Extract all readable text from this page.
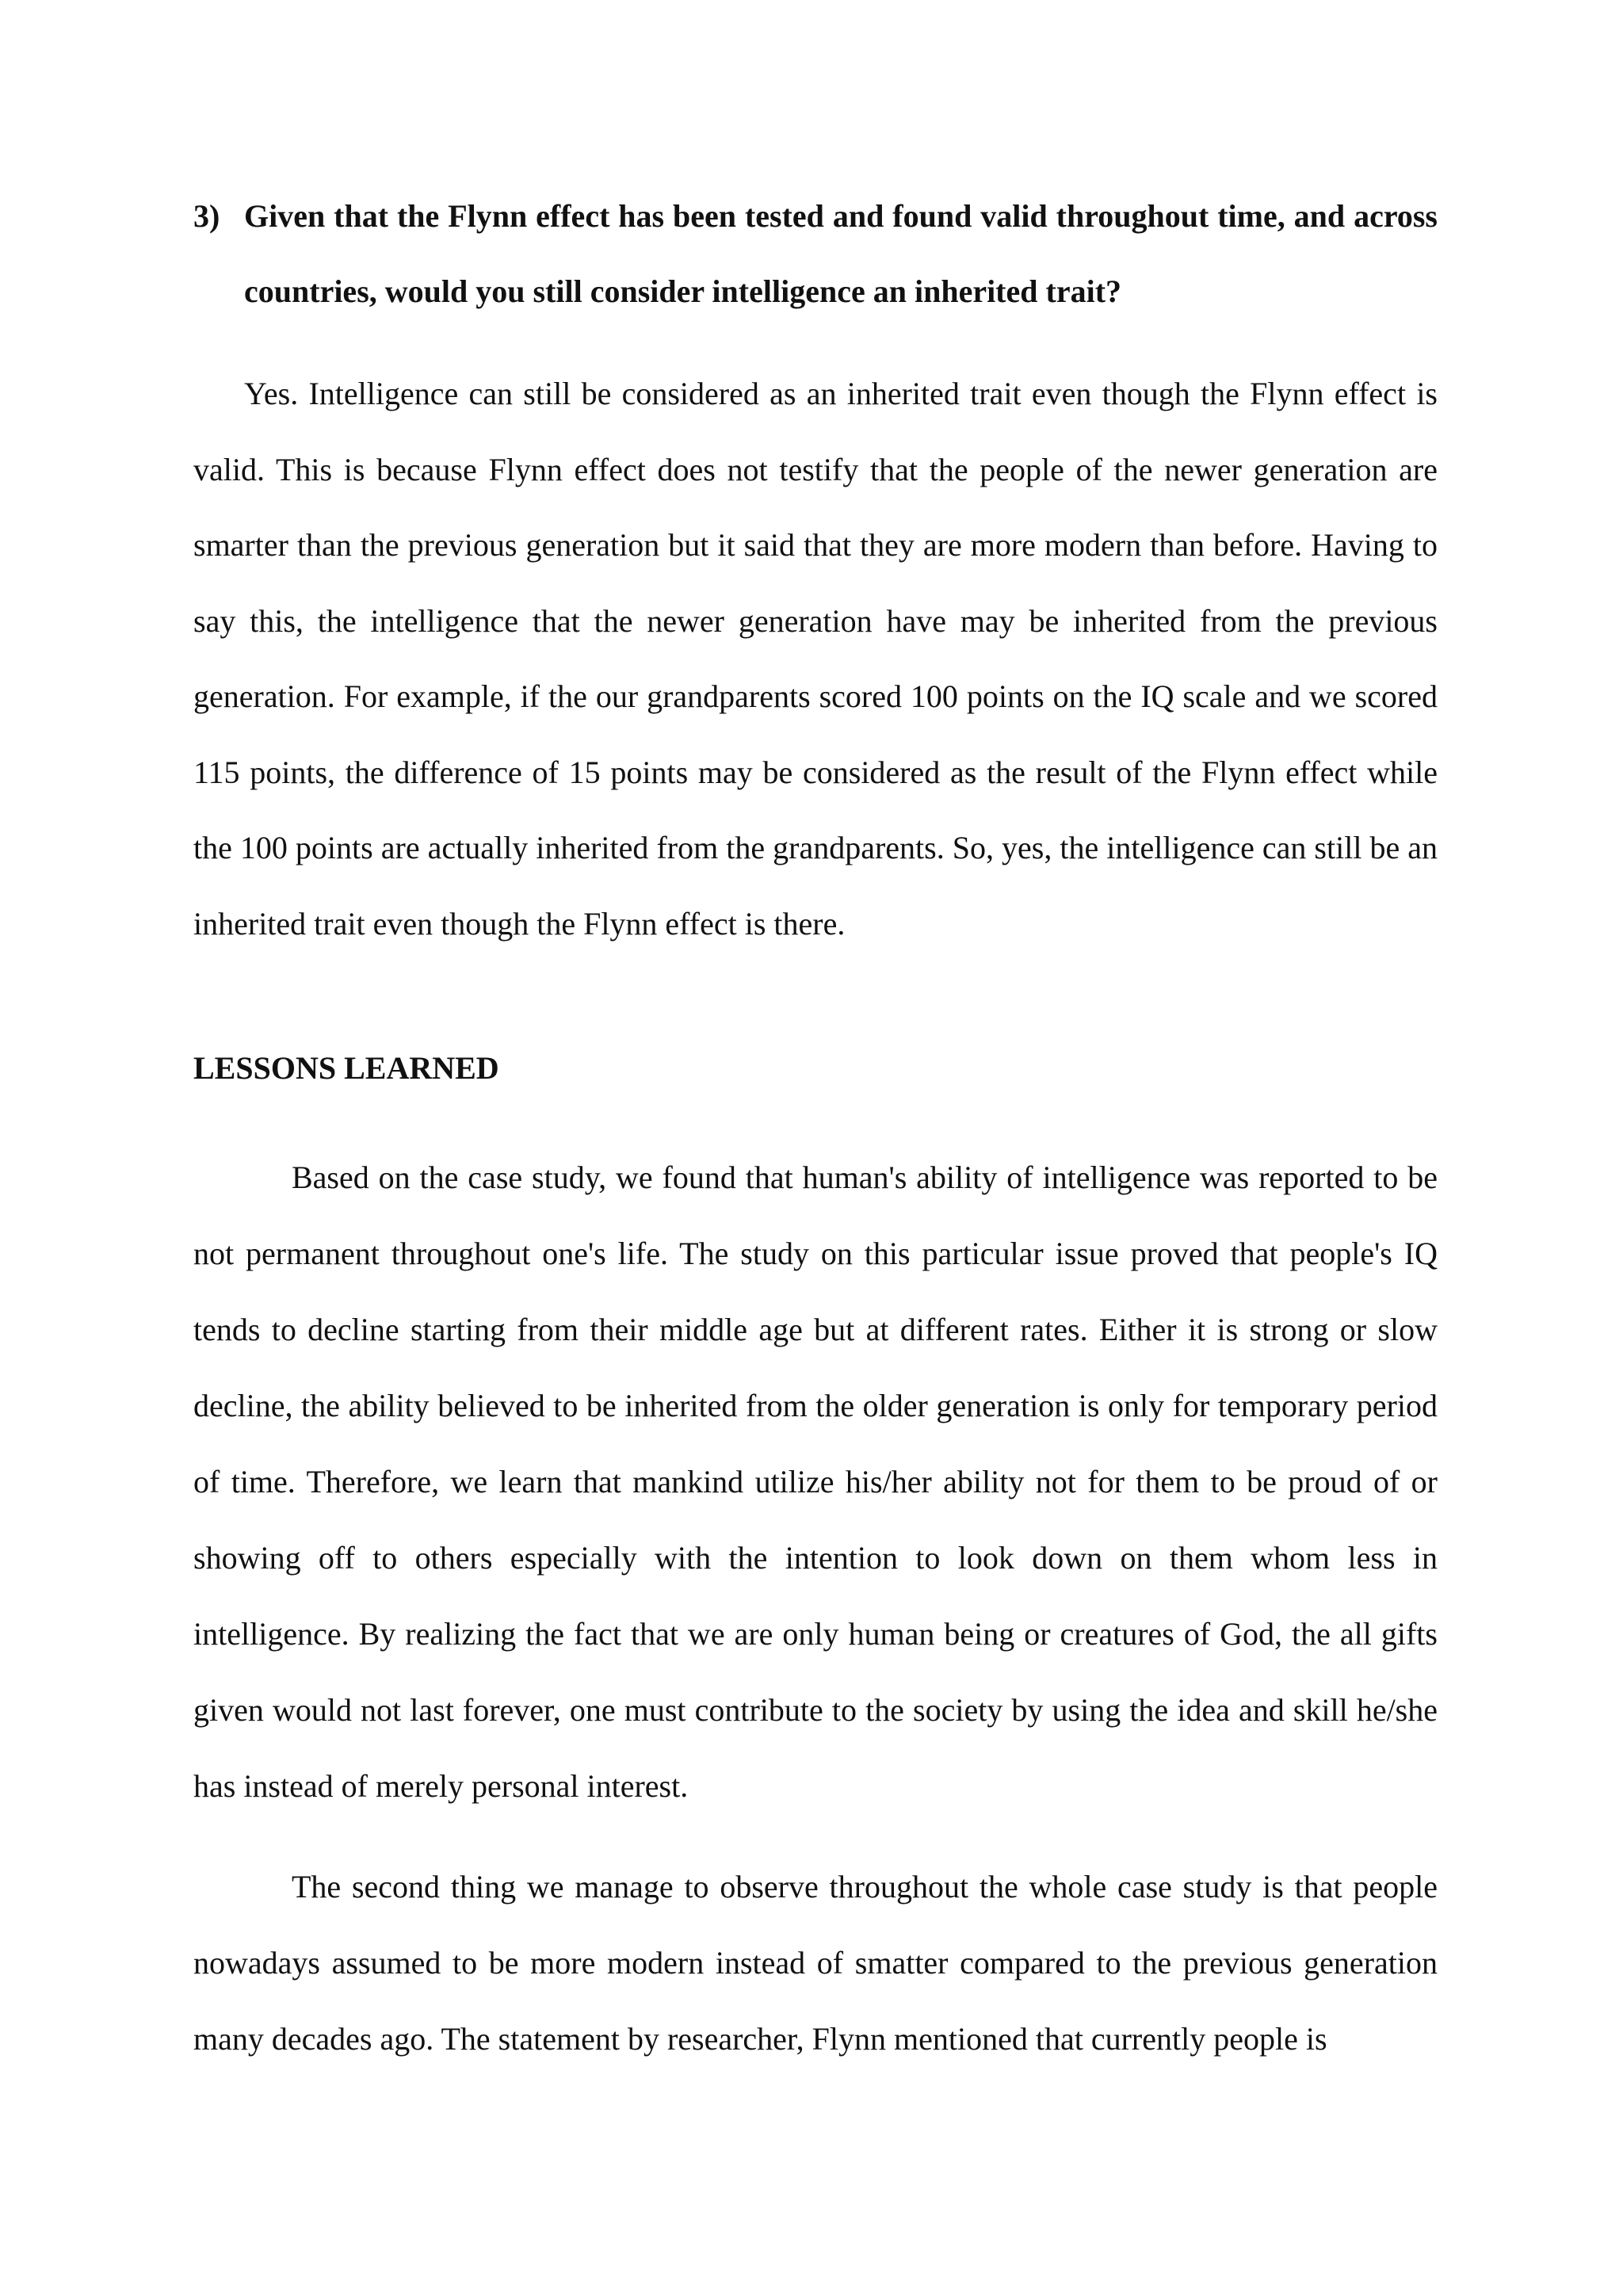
3) Given that the Flynn effect has been tested and found valid throughout time, and across countries, would you still consider intelligence an inherited trait?

Yes. Intelligence can still be considered as an inherited trait even though the Flynn effect is valid. This is because Flynn effect does not testify that the people of the newer generation are smarter than the previous generation but it said that they are more modern than before. Having to say this, the intelligence that the newer generation have may be inherited from the previous generation. For example, if the our grandparents scored 100 points on the IQ scale and we scored 115 points, the difference of 15 points may be considered as the result of the Flynn effect while the 100 points are actually inherited from the grandparents. So, yes, the intelligence can still be an inherited trait even though the Flynn effect is there.

LESSONS LEARNED

Based on the case study, we found that human's ability of intelligence was reported to be not permanent throughout one's life. The study on this particular issue proved that people's IQ tends to decline starting from their middle age but at different rates. Either it is strong or slow decline, the ability believed to be inherited from the older generation is only for temporary period of time. Therefore, we learn that mankind utilize his/her ability not for them to be proud of or showing off to others especially with the intention to look down on them whom less in intelligence. By realizing the fact that we are only human being or creatures of God, the all gifts given would not last forever, one must contribute to the society by using the idea and skill he/she has instead of merely personal interest.

The second thing we manage to observe throughout the whole case study is that people nowadays assumed to be more modern instead of smatter compared to the previous generation many decades ago. The statement by researcher, Flynn mentioned that currently people is
